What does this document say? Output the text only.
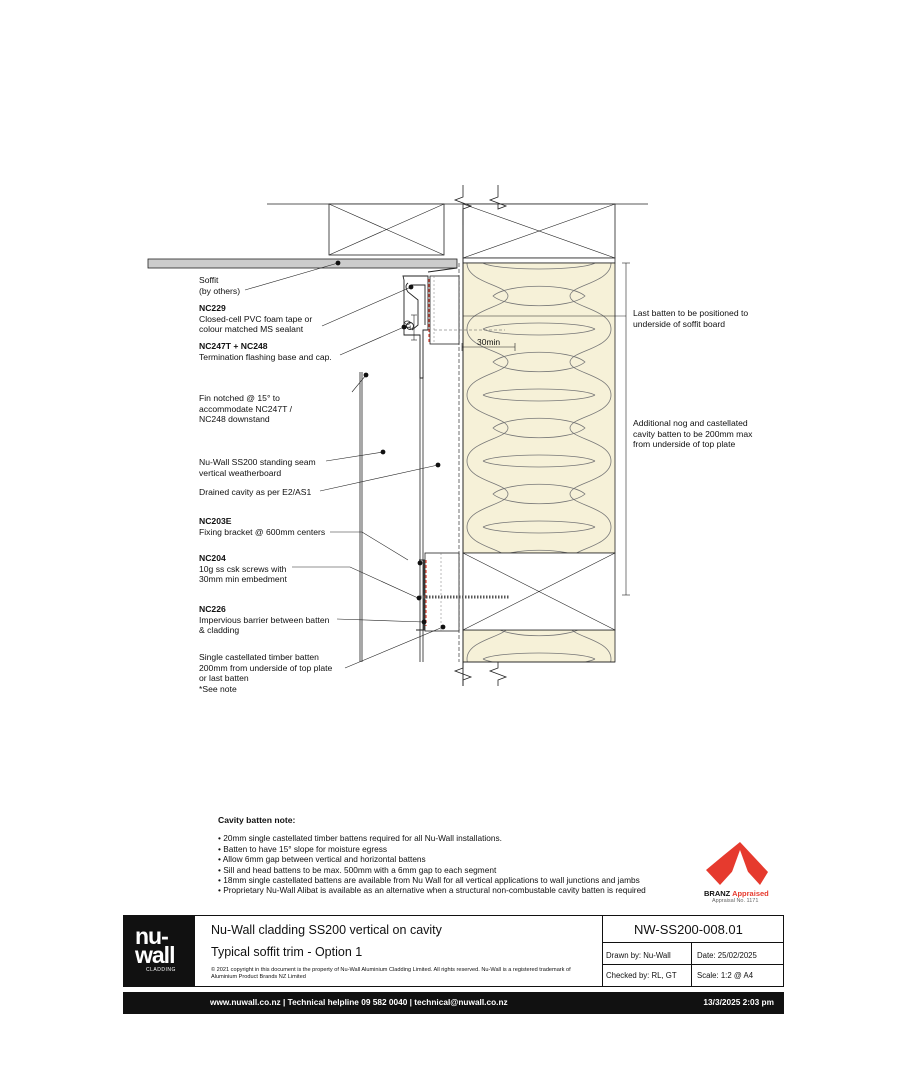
Soffit
(by others)
NC229
Closed-cell PVC foam tape or
colour matched MS sealant
NC247T + NC248
Termination flashing base and cap.
Fin notched @ 15° to
accommodate NC247T /
NC248 downstand
Nu-Wall SS200 standing seam
vertical weatherboard
Drained cavity as per E2/AS1
NC203E
Fixing bracket @ 600mm centers
NC204
10g ss csk screws with
30mm min embedment
NC226
Impervious barrier between batten
& cladding
Single castellated timber batten
200mm from underside of top plate
or last batten
*See note
Last batten to be positioned to
underside of soffit board
Additional nog and castellated
cavity batten to be 200mm max
from underside of top plate
10
30min
Cavity batten note:
• 20mm single castellated timber battens required for all Nu-Wall installations.
• Batten to have 15° slope for moisture egress
• Allow 6mm gap between vertical and horizontal battens
• Sill and head battens to be max. 500mm with a 6mm gap to each segment
• 18mm single castellated battens are available from Nu Wall for all vertical applications to wall junctions and jambs
• Proprietary Nu-Wall Alibat is available as an alternative when a structural non-combustable cavity batten is required	BRANZ Appraised
Appraisal No. 1171
nu-
wall
CLADDING
Nu-Wall cladding SS200 vertical on cavity
Typical soffit trim - Option 1
© 2021 copyright in this document is the property of Nu-Wall Aluminium Cladding Limited. All rights reserved. Nu-Wall is a registered trademark of Aluminium Product Brands NZ Limited
NW-SS200-008.01
Drawn by: Nu-Wall	Date: 25/02/2025
Checked by: RL, GT	Scale: 1:2 @ A4
www.nuwall.co.nz | Technical helpline 09 582 0040 | technical@nuwall.co.nz	13/3/2025 2:03 pm
